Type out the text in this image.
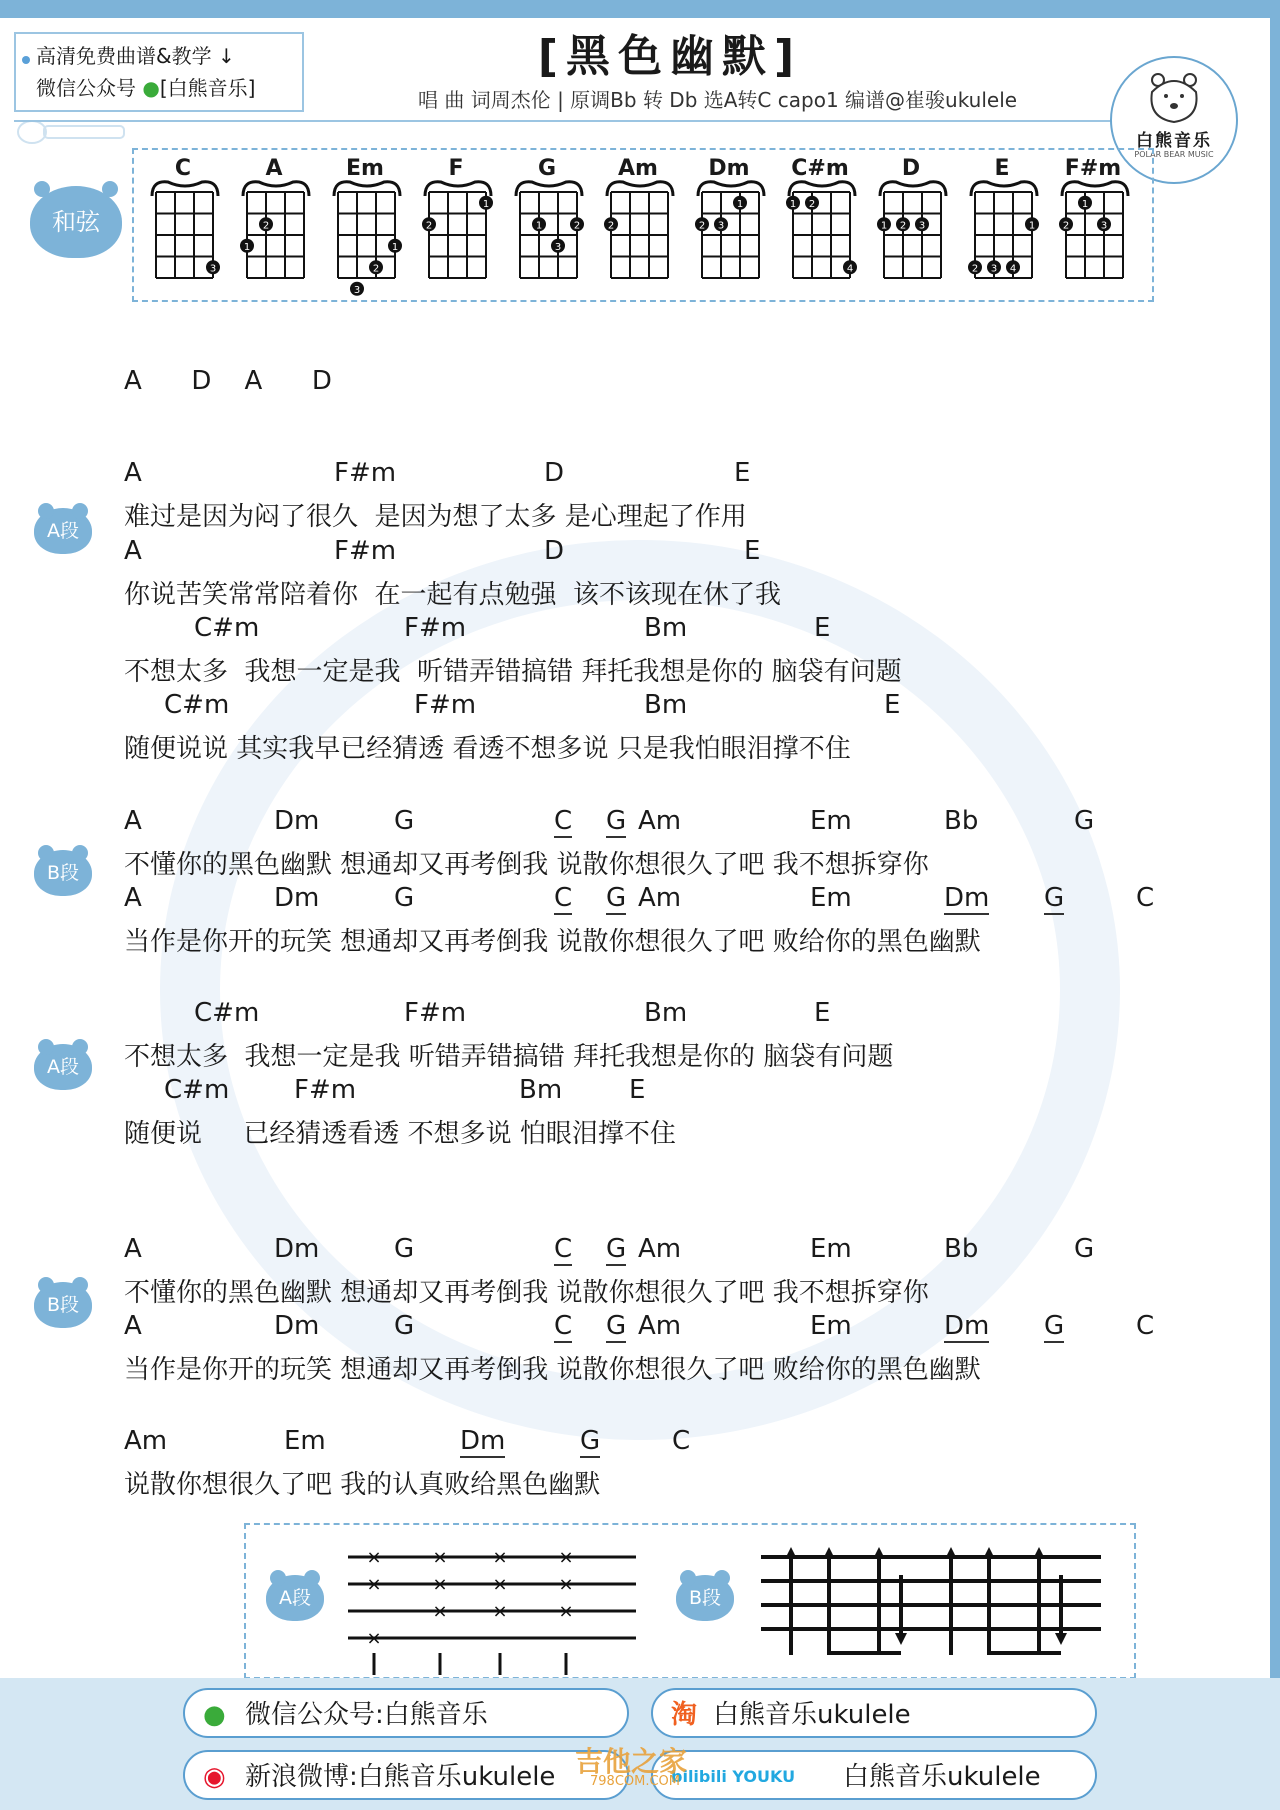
高清免费曲谱&教学 ↓
微信公众号 ●[白熊音乐]
[黑色幽默]
唱 曲 词周杰伦 | 原调Bb 转 Db 选A转C capo1 编谱@崔骏ukulele
白熊音乐
POLAR BEAR MUSIC
和弦
C
3
A
2
1
Em
1
2
3
F
1
2
G
1	2
3
Am
2
Dm
1
2 3
C#m
1 2
4
D
1 2 3
E
1
2 3 4
F#m
1
2	3
A      D    A      D
A段
A	F#m	D	E
难过是因为闷了很久  是因为想了太多 是心理起了作用
A	F#m	D	E
你说苦笑常常陪着你  在一起有点勉强  该不该现在休了我
C#m	F#m	Bm	E
不想太多  我想一定是我  听错弄错搞错 拜托我想是你的 脑袋有问题
C#m	F#m	Bm	E
随便说说 其实我早已经猜透 看透不想多说 只是我怕眼泪撑不住
B段
A	Dm	G	C G Am	Em	Bb	G
不懂你的黑色幽默 想通却又再考倒我 说散你想很久了吧 我不想拆穿你
A	Dm	G	C G Am	Em	Dm G	C
当作是你开的玩笑 想通却又再考倒我 说散你想很久了吧 败给你的黑色幽默
A段
C#m	F#m	Bm	E
不想太多  我想一定是我 听错弄错搞错 拜托我想是你的 脑袋有问题
C#m F#m	Bm	E
随便说     已经猜透看透 不想多说 怕眼泪撑不住
B段
A	Dm	G	C G Am	Em	Bb	G
不懂你的黑色幽默 想通却又再考倒我 说散你想很久了吧 我不想拆穿你
A	Dm	G	C G Am	Em	Dm G	C
当作是你开的玩笑 想通却又再考倒我 说散你想很久了吧 败给你的黑色幽默
Am	Em	Dm	G	C
说散你想很久了吧 我的认真败给黑色幽默
A段
×
×
×
×
×
×
×
×
×
×
×
×
B段
● 微信公众号:白熊音乐	淘 白熊音乐ukulele
◉ 新浪微博:白熊音乐ukulele	bilibili YOUKU 白熊音乐ukulele
吉他之家
798COM.COM
